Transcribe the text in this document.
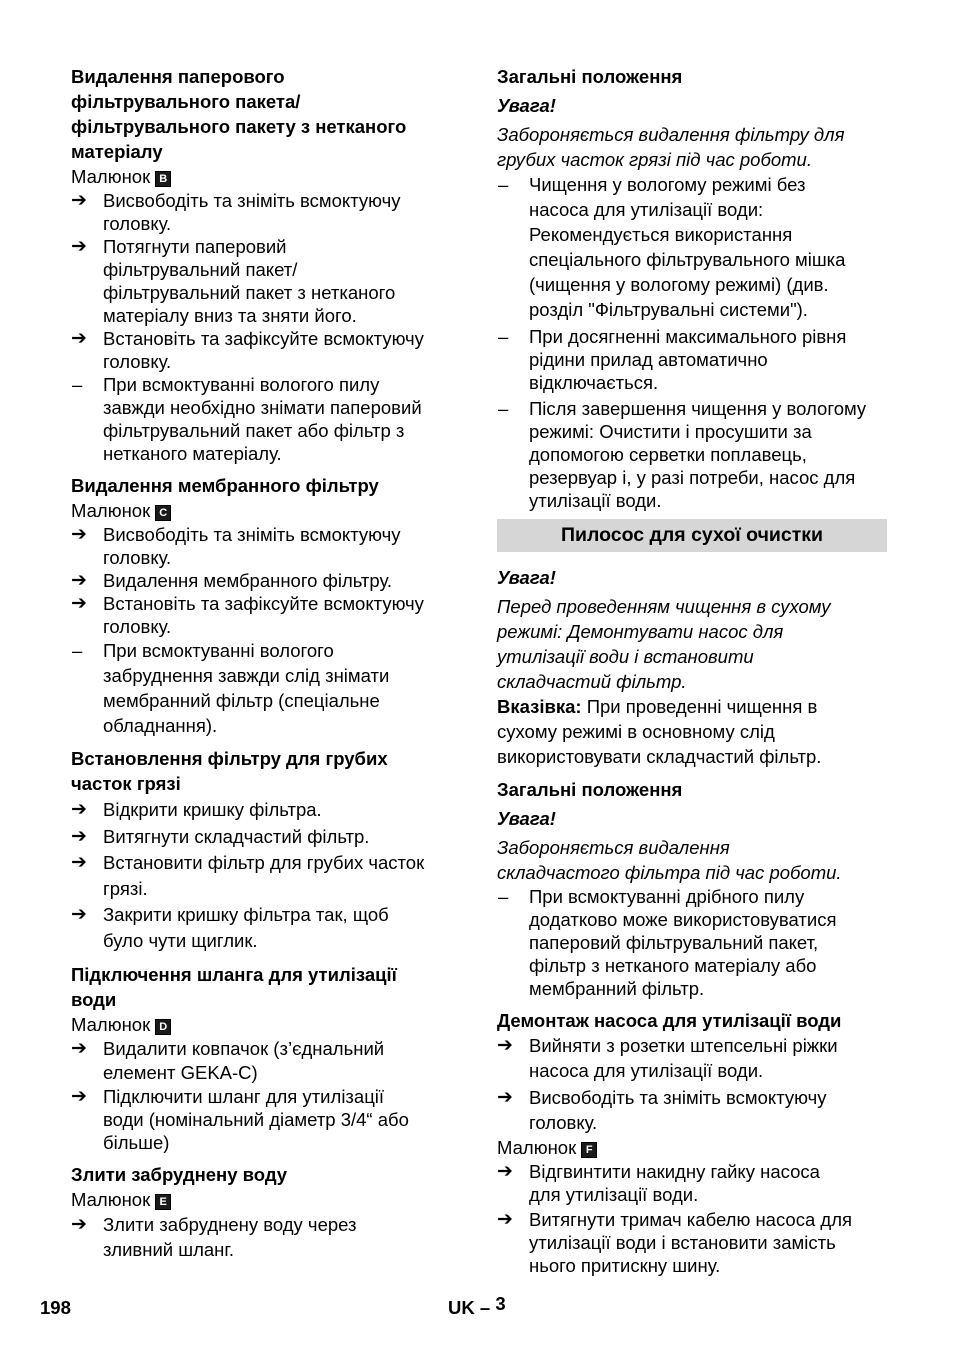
Видалення паперового
фільтрувального пакета/
фільтрувального пакету з нетканого
матеріалу
Малюнок B
➔ Висвободіть та зніміть всмоктуючу
головку.
➔ Потягнути паперовий
фільтрувальний пакет/
фільтрувальний пакет з нетканого
матеріалу вниз та зняти його.
➔ Встановіть та зафіксуйте всмоктуючу
головку.
–	При всмоктуванні вологого пилу
завжди необхідно знімати паперовий
фільтрувальний пакет або фільтр з
нетканого матеріалу.
Видалення мембранного фільтру
Малюнок C
➔ Висвободіть та зніміть всмоктуючу
головку.
➔ Видалення мембранного фільтру.
➔ Встановіть та зафіксуйте всмоктуючу
головку.
–	При всмоктуванні вологого
забруднення завжди слід знімати
мембранний фільтр (спеціальне
обладнання).
Встановлення фільтру для грубих
часток грязі
➔ Відкрити кришку фільтра.
➔ Витягнути складчастий фільтр.
➔ Встановити фільтр для грубих часток
грязі.
➔ Закрити кришку фільтра так, щоб
було чути щиглик.
Підключення шланга для утилізації
води
Малюнок D
➔ Видалити ковпачок (з’єднальний
елемент GEKA-C)
➔ Підключити шланг для утилізації
води (номінальний діаметр 3/4“ або
більше)
Злити забруднену воду
Малюнок E
➔ Злити забруднену воду через
зливний шланг.
Загальні положення
Увага!
Забороняється видалення фільтру для
грубих часток грязі під час роботи.
–	Чищення у вологому режимі без
насоса для утилізації води:
Рекомендується використання
спеціального фільтрувального мішка
(чищення у вологому режимі) (див.
розділ "Фільтрувальні системи").
–	При досягненні максимального рівня
рідини прилад автоматично
відключається.
–	Після завершення чищення у вологому
режимі: Очистити і просушити за
допомогою серветки поплавець,
резервуар і, у разі потреби, насос для
утилізації води.
Пилосос для сухої очистки
Увага!
Перед проведенням чищення в сухому
режимі: Демонтувати насос для
утилізації води і встановити
складчастий фільтр.
Вказівка: При проведенні чищення в
сухому режимі в основному слід
використовувати складчастий фільтр.
Загальні положення
Увага!
Забороняється видалення
складчастого фільтра під час роботи.
–	При всмоктуванні дрібного пилу
додатково може використовуватися
паперовий фільтрувальний пакет,
фільтр з нетканого матеріалу або
мембранний фільтр.
Демонтаж насоса для утилізації води
➔ Вийняти з розетки штепсельні ріжки
насоса для утилізації води.
➔ Висвободіть та зніміть всмоктуючу
головку.
Малюнок F
➔ Відгвинтити накидну гайку насоса
для утилізації води.
➔ Витягнути тримач кабелю насоса для
утилізації води і встановити замість
нього притискну шину.
198	UK – 3
